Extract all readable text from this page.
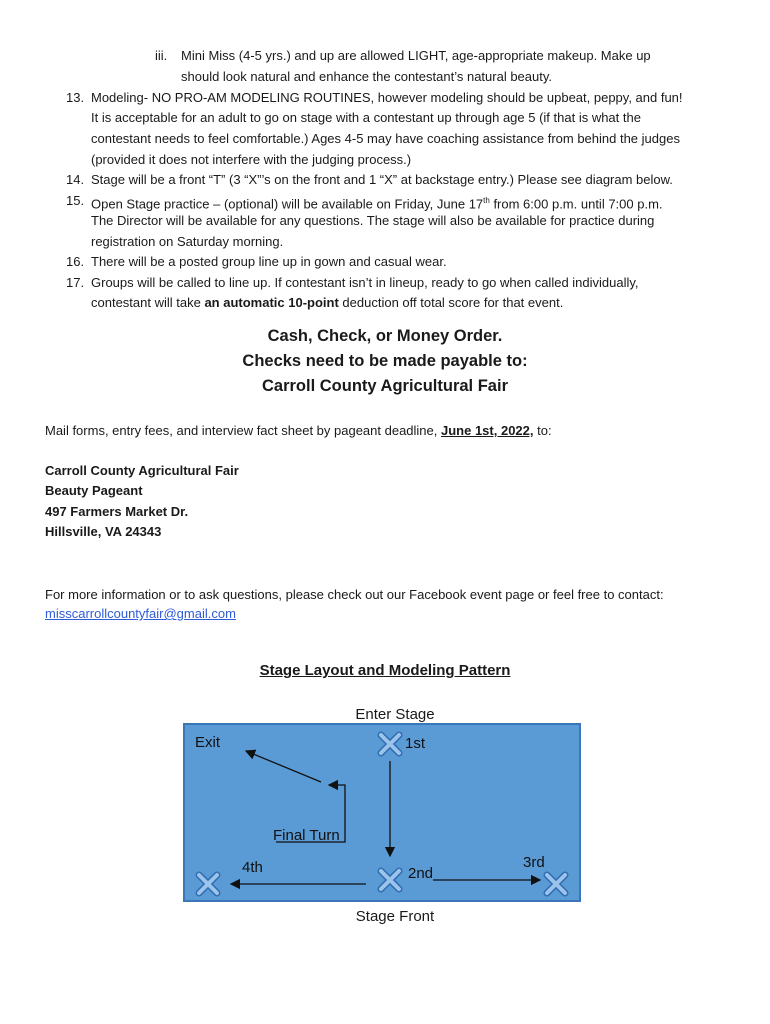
iii. Mini Miss (4-5 yrs.) and up are allowed LIGHT, age-appropriate makeup. Make up
should look natural and enhance the contestant’s natural beauty.
13. Modeling- NO PRO-AM MODELING ROUTINES, however modeling should be upbeat, peppy, and fun!
It is acceptable for an adult to go on stage with a contestant up through age 5 (if that is what the
contestant needs to feel comfortable.) Ages 4-5 may have coaching assistance from behind the judges
(provided it does not interfere with the judging process.)
14. Stage will be a front “T” (3 “X”’s on the front and 1 “X” at backstage entry.) Please see diagram below.
15. Open Stage practice – (optional) will be available on Friday, June 17th from 6:00 p.m. until 7:00 p.m.
The Director will be available for any questions. The stage will also be available for practice during
registration on Saturday morning.
16. There will be a posted group line up in gown and casual wear.
17. Groups will be called to line up. If contestant isn’t in lineup, ready to go when called individually,
contestant will take an automatic 10-point deduction off total score for that event.
Cash, Check, or Money Order.
Checks need to be made payable to:
Carroll County Agricultural Fair
Mail forms, entry fees, and interview fact sheet by pageant deadline, June 1st, 2022, to:
Carroll County Agricultural Fair
Beauty Pageant
497 Farmers Market Dr.
Hillsville, VA 24343
For more information or to ask questions, please check out our Facebook event page or feel free to contact:
misscarrollcountyfair@gmail.com
Stage Layout and Modeling Pattern
Enter Stage
Exit	1st
Final Turn
4th	2nd
3rd
Stage Front
